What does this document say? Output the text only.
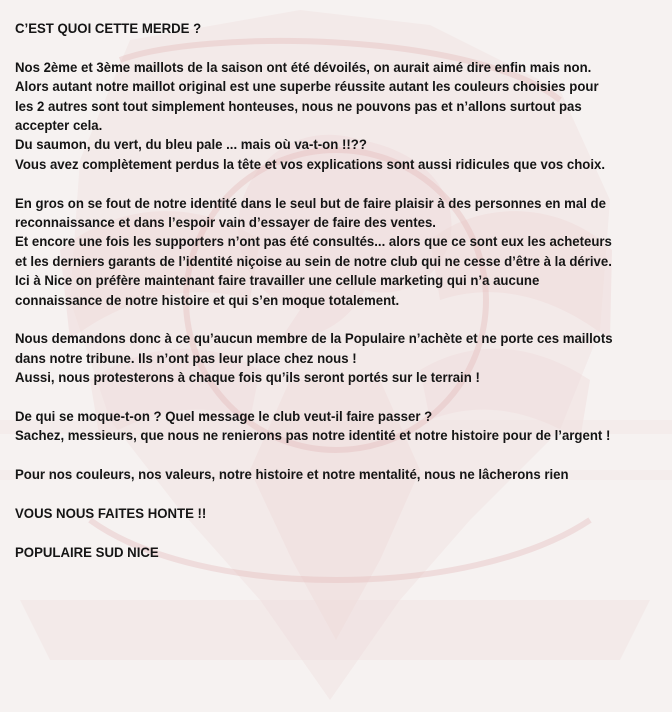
C’EST QUOI CETTE MERDE ?

Nos 2ème et 3ème maillots de la saison ont été dévoilés, on aurait aimé dire enfin mais non.
Alors autant notre maillot original est une superbe réussite autant les couleurs choisies pour les 2 autres sont tout simplement honteuses, nous ne pouvons pas et n’allons surtout pas accepter cela.
Du saumon, du vert, du bleu pale ... mais où va-t-on !!??
Vous avez complètement perdus la tête et vos explications sont aussi ridicules que vos choix.

En gros on se fout de notre identité dans le seul but de faire plaisir à des personnes en mal de reconnaissance et dans l’espoir vain d’essayer de faire des ventes.
Et encore une fois les supporters n’ont pas été consultés... alors que ce sont eux les acheteurs et les derniers garants de l’identité niçoise au sein de notre club qui ne cesse d’être à la dérive.
Ici à Nice on préfère maintenant faire travailler une cellule marketing qui n’a aucune connaissance de notre histoire et qui s’en moque totalement.

Nous demandons donc à ce qu’aucun membre de la Populaire n’achète et ne porte ces maillots dans notre tribune. Ils n’ont pas leur place chez nous !
Aussi, nous protesterons à chaque fois qu’ils seront portés sur le terrain !

De qui se moque-t-on ? Quel message le club veut-il faire passer ?
Sachez, messieurs, que nous ne renierons pas notre identité et notre histoire pour de l’argent !

Pour nos couleurs, nos valeurs, notre histoire et notre mentalité, nous ne lâcherons rien

VOUS NOUS FAITES HONTE !!

POPULAIRE SUD NICE
